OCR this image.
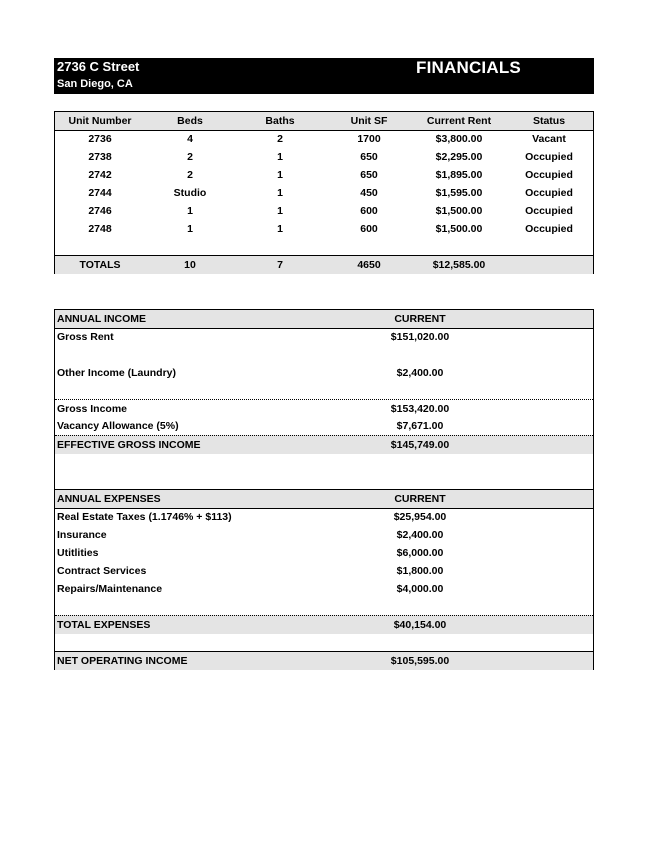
2736 C Street
San Diego, CA
FINANCIALS
Unit Number	Beds	Baths	Unit SF	Current Rent	Status
2736	4	2	1700	$3,800.00	Vacant
2738	2	1	650	$2,295.00	Occupied
2742	2	1	650	$1,895.00	Occupied
2744	Studio	1	450	$1,595.00	Occupied
2746	1	1	600	$1,500.00	Occupied
2748	1	1	600	$1,500.00	Occupied
TOTALS	10	7	4650	$12,585.00
ANNUAL INCOME	CURRENT
Gross Rent	$151,020.00
Other Income (Laundry)	$2,400.00
Gross Income	$153,420.00
Vacancy Allowance (5%)	$7,671.00
EFFECTIVE GROSS INCOME	$145,749.00
ANNUAL EXPENSES	CURRENT
Real Estate Taxes (1.1746% + $113)	$25,954.00
Insurance	$2,400.00
Utitlities	$6,000.00
Contract Services	$1,800.00
Repairs/Maintenance	$4,000.00
TOTAL EXPENSES	$40,154.00
NET OPERATING INCOME	$105,595.00
